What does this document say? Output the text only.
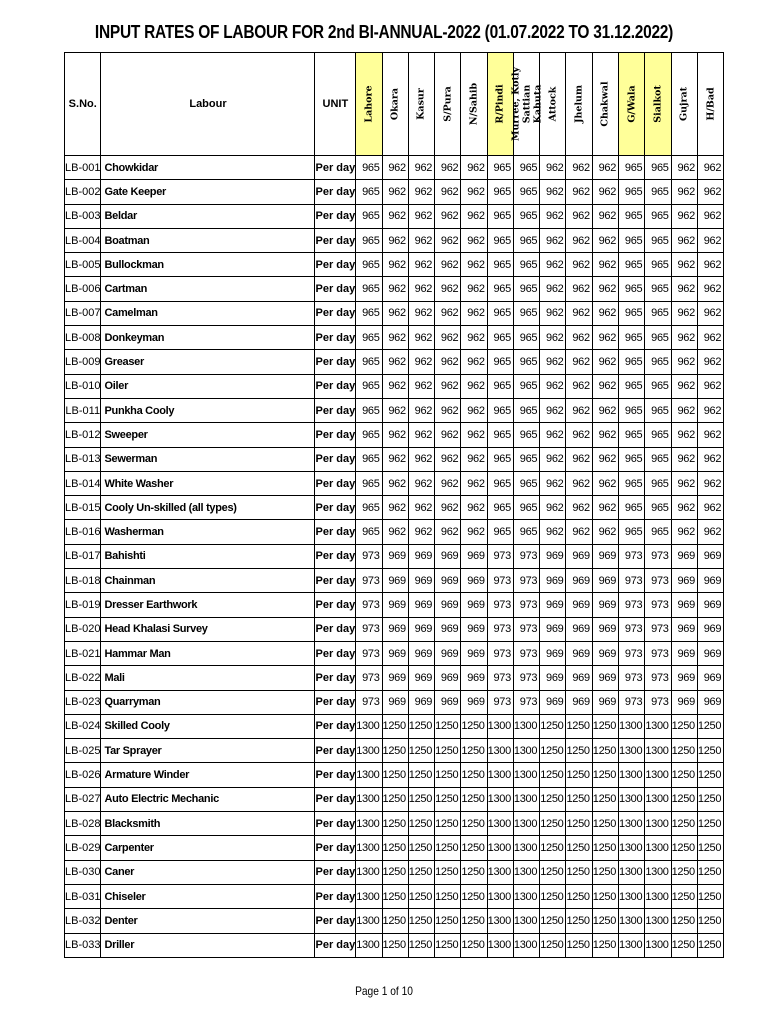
INPUT RATES OF LABOUR FOR 2nd BI-ANNUAL-2022 (01.07.2022 TO 31.12.2022)
S.No.	Labour	UNIT	Lahore	Okara	Kasur	S/Pura	N/Sahib	R/Pindi	Murree, Kotly Sattian Kahuta	Attock	Jhelum	Chakwal	G/Wala	Sialkot	Gujrat	H/Bad

LB-001	Chowkidar	Per day	965	962	962	962	962	965	965	962	962	962	965	965	962	962
LB-002	Gate Keeper	Per day	965	962	962	962	962	965	965	962	962	962	965	965	962	962
LB-003	Beldar	Per day	965	962	962	962	962	965	965	962	962	962	965	965	962	962
LB-004	Boatman	Per day	965	962	962	962	962	965	965	962	962	962	965	965	962	962
LB-005	Bullockman	Per day	965	962	962	962	962	965	965	962	962	962	965	965	962	962
LB-006	Cartman	Per day	965	962	962	962	962	965	965	962	962	962	965	965	962	962
LB-007	Camelman	Per day	965	962	962	962	962	965	965	962	962	962	965	965	962	962
LB-008	Donkeyman	Per day	965	962	962	962	962	965	965	962	962	962	965	965	962	962
LB-009	Greaser	Per day	965	962	962	962	962	965	965	962	962	962	965	965	962	962
LB-010	Oiler	Per day	965	962	962	962	962	965	965	962	962	962	965	965	962	962
LB-011	Punkha Cooly	Per day	965	962	962	962	962	965	965	962	962	962	965	965	962	962
LB-012	Sweeper	Per day	965	962	962	962	962	965	965	962	962	962	965	965	962	962
LB-013	Sewerman	Per day	965	962	962	962	962	965	965	962	962	962	965	965	962	962
LB-014	White Washer	Per day	965	962	962	962	962	965	965	962	962	962	965	965	962	962
LB-015	Cooly Un-skilled (all types)	Per day	965	962	962	962	962	965	965	962	962	962	965	965	962	962
LB-016	Washerman	Per day	965	962	962	962	962	965	965	962	962	962	965	965	962	962
LB-017	Bahishti	Per day	973	969	969	969	969	973	973	969	969	969	973	973	969	969
LB-018	Chainman	Per day	973	969	969	969	969	973	973	969	969	969	973	973	969	969
LB-019	Dresser Earthwork	Per day	973	969	969	969	969	973	973	969	969	969	973	973	969	969
LB-020	Head Khalasi Survey	Per day	973	969	969	969	969	973	973	969	969	969	973	973	969	969
LB-021	Hammar Man	Per day	973	969	969	969	969	973	973	969	969	969	973	973	969	969
LB-022	Mali	Per day	973	969	969	969	969	973	973	969	969	969	973	973	969	969
LB-023	Quarryman	Per day	973	969	969	969	969	973	973	969	969	969	973	973	969	969
LB-024	Skilled Cooly	Per day	1300	1250	1250	1250	1250	1300	1300	1250	1250	1250	1300	1300	1250	1250
LB-025	Tar Sprayer	Per day	1300	1250	1250	1250	1250	1300	1300	1250	1250	1250	1300	1300	1250	1250
LB-026	Armature Winder	Per day	1300	1250	1250	1250	1250	1300	1300	1250	1250	1250	1300	1300	1250	1250
LB-027	Auto Electric Mechanic	Per day	1300	1250	1250	1250	1250	1300	1300	1250	1250	1250	1300	1300	1250	1250
LB-028	Blacksmith	Per day	1300	1250	1250	1250	1250	1300	1300	1250	1250	1250	1300	1300	1250	1250
LB-029	Carpenter	Per day	1300	1250	1250	1250	1250	1300	1300	1250	1250	1250	1300	1300	1250	1250
LB-030	Caner	Per day	1300	1250	1250	1250	1250	1300	1300	1250	1250	1250	1300	1300	1250	1250
LB-031	Chiseler	Per day	1300	1250	1250	1250	1250	1300	1300	1250	1250	1250	1300	1300	1250	1250
LB-032	Denter	Per day	1300	1250	1250	1250	1250	1300	1300	1250	1250	1250	1300	1300	1250	1250
LB-033	Driller	Per day	1300	1250	1250	1250	1250	1300	1300	1250	1250	1250	1300	1300	1250	1250
Page 1 of 10
